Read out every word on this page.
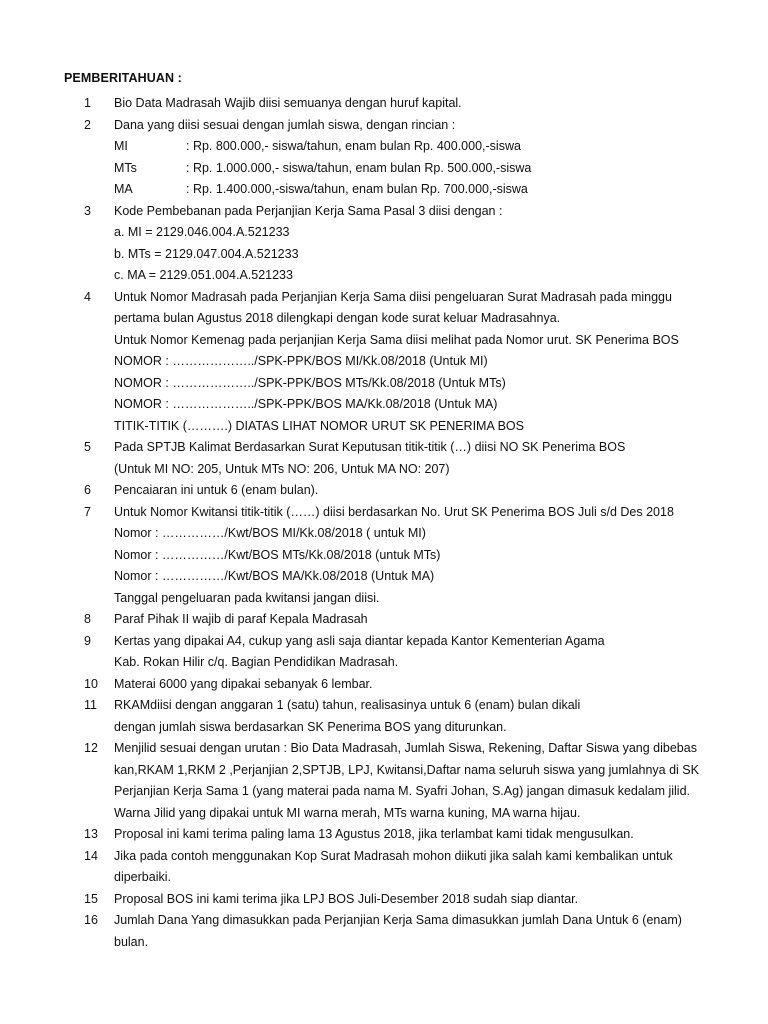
PEMBERITAHUAN :
1	Bio Data Madrasah Wajib diisi semuanya dengan huruf kapital.
2	Dana yang diisi sesuai dengan jumlah siswa, dengan rincian :
MI	: Rp. 800.000,- siswa/tahun, enam bulan Rp. 400.000,-siswa
MTs	: Rp. 1.000.000,- siswa/tahun, enam bulan Rp. 500.000,-siswa
MA	: Rp. 1.400.000,-siswa/tahun, enam bulan Rp. 700.000,-siswa
3	Kode Pembebanan pada Perjanjian Kerja Sama Pasal 3 diisi dengan :
a. MI = 2129.046.004.A.521233
b. MTs = 2129.047.004.A.521233
c. MA = 2129.051.004.A.521233
4	Untuk Nomor Madrasah pada Perjanjian Kerja Sama diisi pengeluaran Surat Madrasah pada minggu
pertama bulan Agustus 2018 dilengkapi dengan kode surat keluar Madrasahnya.
Untuk Nomor Kemenag pada perjanjian Kerja Sama diisi melihat pada Nomor urut. SK Penerima BOS
NOMOR : ………………../SPK-PPK/BOS MI/Kk.08/2018 (Untuk MI)
NOMOR : ………………../SPK-PPK/BOS MTs/Kk.08/2018 (Untuk MTs)
NOMOR : ………………../SPK-PPK/BOS MA/Kk.08/2018 (Untuk MA)
TITIK-TITIK (……….) DIATAS LIHAT NOMOR URUT SK PENERIMA BOS
5	Pada SPTJB Kalimat Berdasarkan Surat Keputusan titik-titik (…) diisi NO SK Penerima BOS
(Untuk MI NO: 205, Untuk MTs NO: 206, Untuk MA NO: 207)
6	Pencaiaran ini untuk 6 (enam bulan).
7	Untuk Nomor Kwitansi titik-titik (……) diisi berdasarkan No. Urut SK Penerima BOS Juli s/d Des 2018
Nomor : ……………/Kwt/BOS MI/Kk.08/2018 ( untuk MI)
Nomor : ……………/Kwt/BOS MTs/Kk.08/2018 (untuk MTs)
Nomor : ……………/Kwt/BOS MA/Kk.08/2018 (Untuk MA)
Tanggal pengeluaran pada kwitansi jangan diisi.
8	Paraf Pihak II wajib di paraf Kepala Madrasah
9	Kertas yang dipakai A4, cukup yang asli saja diantar kepada Kantor Kementerian Agama
Kab. Rokan Hilir c/q. Bagian Pendidikan Madrasah.
10	Materai 6000 yang dipakai sebanyak 6 lembar.
11	RKAMdiisi dengan anggaran 1 (satu) tahun, realisasinya untuk 6 (enam) bulan dikali
dengan jumlah siswa berdasarkan SK Penerima BOS yang diturunkan.
12	Menjilid sesuai dengan urutan : Bio Data Madrasah, Jumlah Siswa, Rekening, Daftar Siswa yang dibebas
kan,RKAM 1,RKM 2 ,Perjanjian 2,SPTJB, LPJ, Kwitansi,Daftar nama seluruh siswa yang jumlahnya di SK
Perjanjian Kerja Sama 1 (yang materai pada nama M. Syafri Johan, S.Ag) jangan dimasuk kedalam jilid.
Warna Jilid yang dipakai untuk MI warna merah, MTs warna kuning, MA warna hijau.
13	Proposal ini kami terima paling lama 13 Agustus 2018, jika terlambat kami tidak mengusulkan.
14	Jika pada contoh menggunakan Kop Surat Madrasah mohon diikuti jika salah kami kembalikan untuk
diperbaiki.
15	Proposal BOS ini kami terima jika LPJ BOS Juli-Desember 2018 sudah siap diantar.
16	Jumlah Dana Yang dimasukkan pada Perjanjian Kerja Sama dimasukkan jumlah Dana Untuk 6 (enam)
bulan.
